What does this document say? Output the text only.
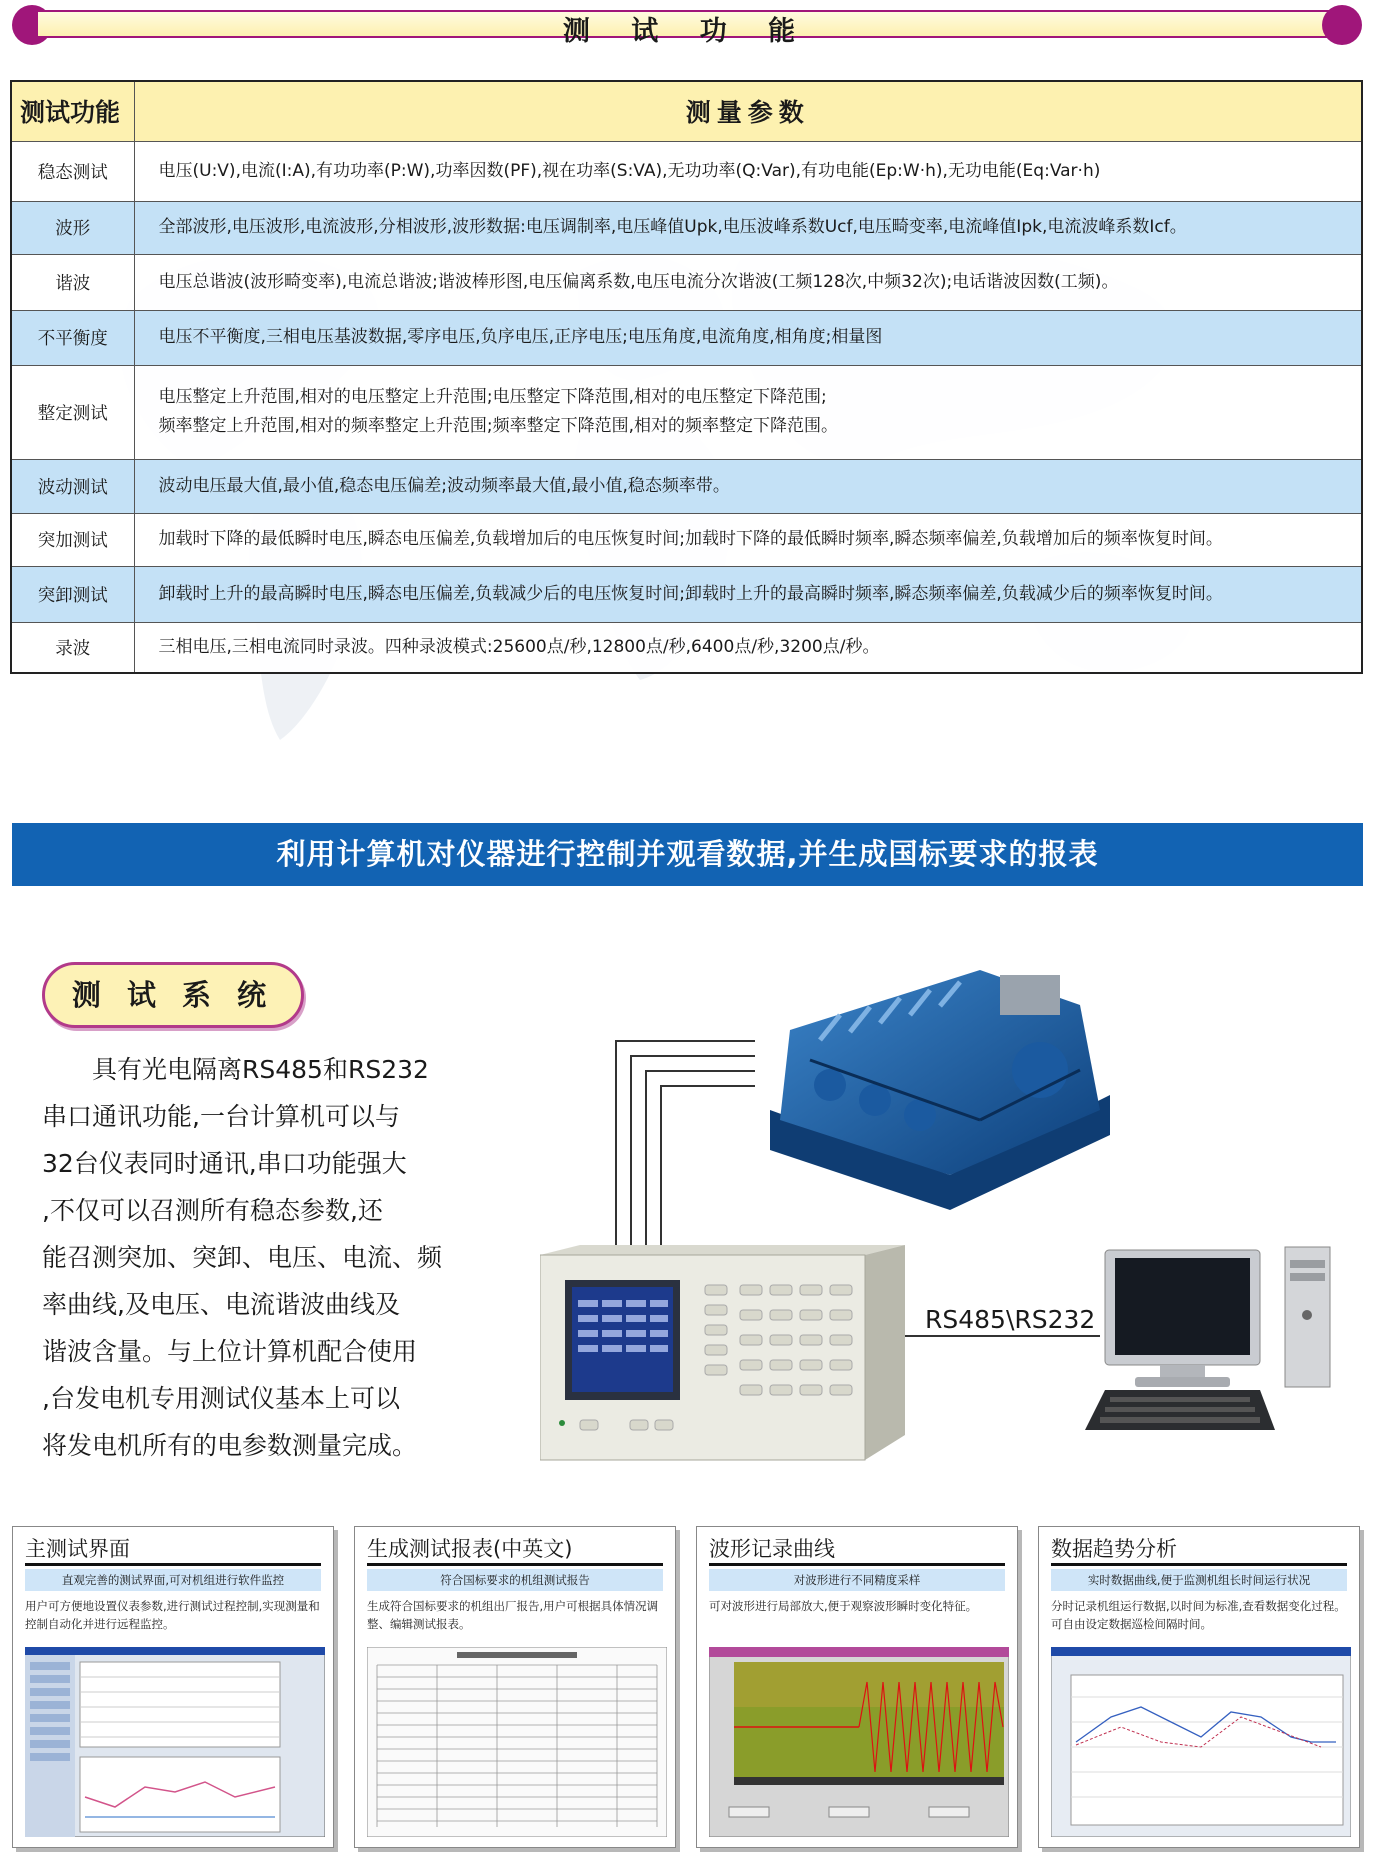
测 试 功 能
测试功能	测量参数
稳态测试	电压(U:V),电流(I:A),有功功率(P:W),功率因数(PF),视在功率(S:VA),无功功率(Q:Var),有功电能(Ep:W·h),无功电能(Eq:Var·h)

波形	全部波形,电压波形,电流波形,分相波形,波形数据:电压调制率,电压峰值Upk,电压波峰系数Ucf,电压畸变率,电流峰值Ipk,电流波峰系数Icf。

谐波	电压总谐波(波形畸变率),电流总谐波;谐波棒形图,电压偏离系数,电压电流分次谐波(工频128次,中频32次);电话谐波因数(工频)。

不平衡度	电压不平衡度,三相电压基波数据,零序电压,负序电压,正序电压;电压角度,电流角度,相角度;相量图

整定测试	电压整定上升范围,相对的电压整定上升范围;电压整定下降范围,相对的电压整定下降范围;
频率整定上升范围,相对的频率整定上升范围;频率整定下降范围,相对的频率整定下降范围。

波动测试	波动电压最大值,最小值,稳态电压偏差;波动频率最大值,最小值,稳态频率带。

突加测试	加载时下降的最低瞬时电压,瞬态电压偏差,负载增加后的电压恢复时间;加载时下降的最低瞬时频率,瞬态频率偏差,负载增加后的频率恢复时间。

突卸测试	卸载时上升的最高瞬时电压,瞬态电压偏差,负载减少后的电压恢复时间;卸载时上升的最高瞬时频率,瞬态频率偏差,负载减少后的频率恢复时间。

录波	三相电压,三相电流同时录波。四种录波模式:25600点/秒,12800点/秒,6400点/秒,3200点/秒。
利用计算机对仪器进行控制并观看数据,并生成国标要求的报表
测 试 系 统

具有光电隔离RS485和RS232

串口通讯功能,一台计算机可以与
32台仪表同时通讯,串口功能强大
,不仅可以召测所有稳态参数,还
能召测突加、突卸、电压、电流、频
率曲线,及电压、电流谐波曲线及
谐波含量。与上位计算机配合使用
,台发电机专用测试仪基本上可以
将发电机所有的电参数测量完成。
RS485\RS232
主测试界面
直观完善的测试界面,可对机组进行软件监控
用户可方便地设置仪表参数,进行测试过程控制,实现测量和控制自动化并进行远程监控。
生成测试报表(中英文)
符合国标要求的机组测试报告
生成符合国标要求的机组出厂报告,用户可根据具体情况调整、编辑测试报表。
波形记录曲线
对波形进行不同精度采样
可对波形进行局部放大,便于观察波形瞬时变化特征。
数据趋势分析
实时数据曲线,便于监测机组长时间运行状况
分时记录机组运行数据,以时间为标准,查看数据变化过程。可自由设定数据巡检间隔时间。
